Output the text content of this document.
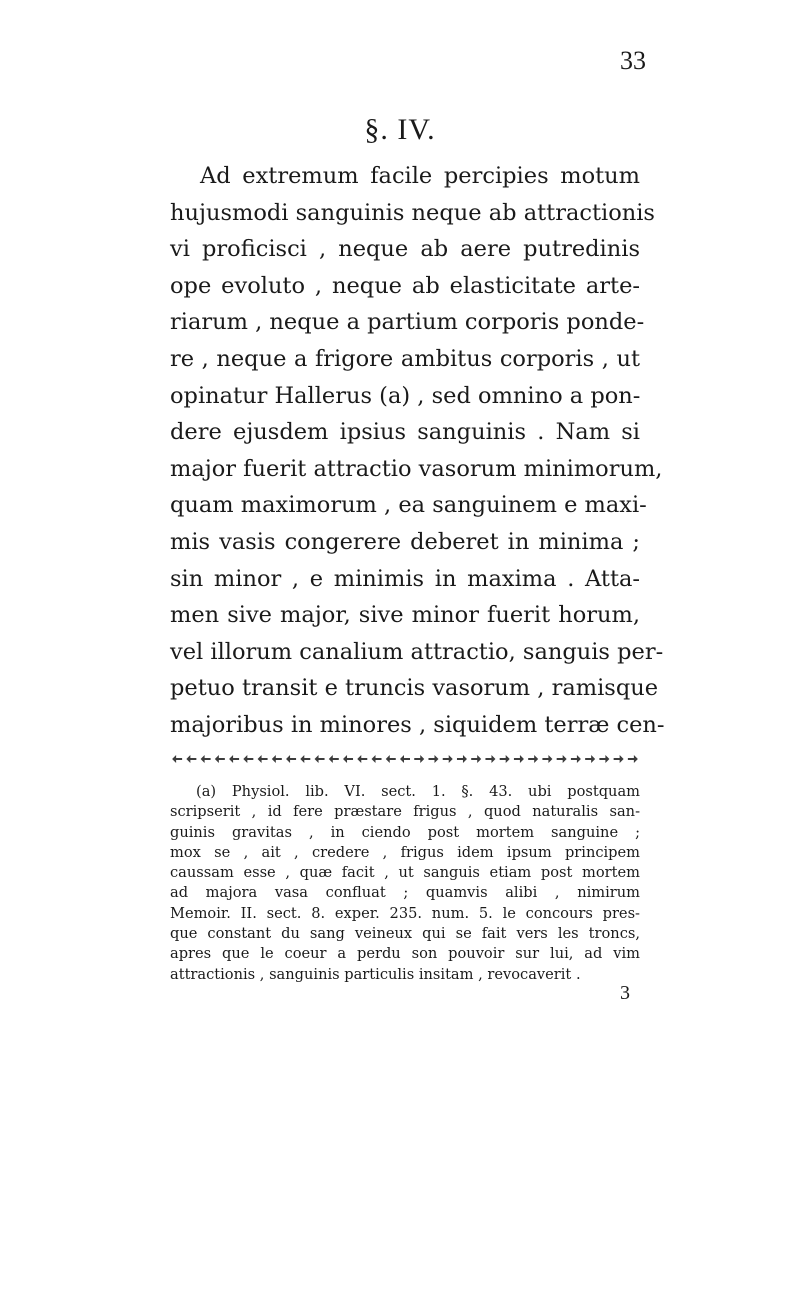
33
§. IV.
Ad extremum facile percipies motum
hujusmodi sanguinis neque ab attractionis
vi proficisci , neque ab aere putredinis
ope evoluto , neque ab elasticitate arte-
riarum , neque a partium corporis ponde-
re , neque a frigore ambitus corporis , ut
opinatur Hallerus (a) , sed omnino a pon-
dere ejusdem ipsius sanguinis . Nam si
major fuerit attractio vasorum minimorum,
quam maximorum , ea sanguinem e maxi-
mis vasis congerere deberet in minima ;
sin minor , e minimis in maxima . Atta-
men sive major, sive minor fuerit horum,
vel illorum canalium attractio, sanguis per-
petuo transit e truncis vasorum , ramisque
majoribus in minores , siquidem terræ cen-
(a) Physiol. lib. VI. sect. 1. §. 43. ubi postquam
scripserit , id fere præstare frigus , quod naturalis san-
guinis gravitas , in ciendo post mortem sanguine ;
mox se , ait , credere , frigus idem ipsum principem
caussam esse , quæ facit , ut sanguis etiam post mortem
ad majora vasa confluat ; quamvis alibi , nimirum
Memoir. II. sect. 8. exper. 235. num. 5. le concours pres-
que constant du sang veineux qui se fait vers les troncs,
apres que le coeur a perdu son pouvoir sur lui, ad vim
attractionis , sanguinis particulis insitam , revocaverit .
3
